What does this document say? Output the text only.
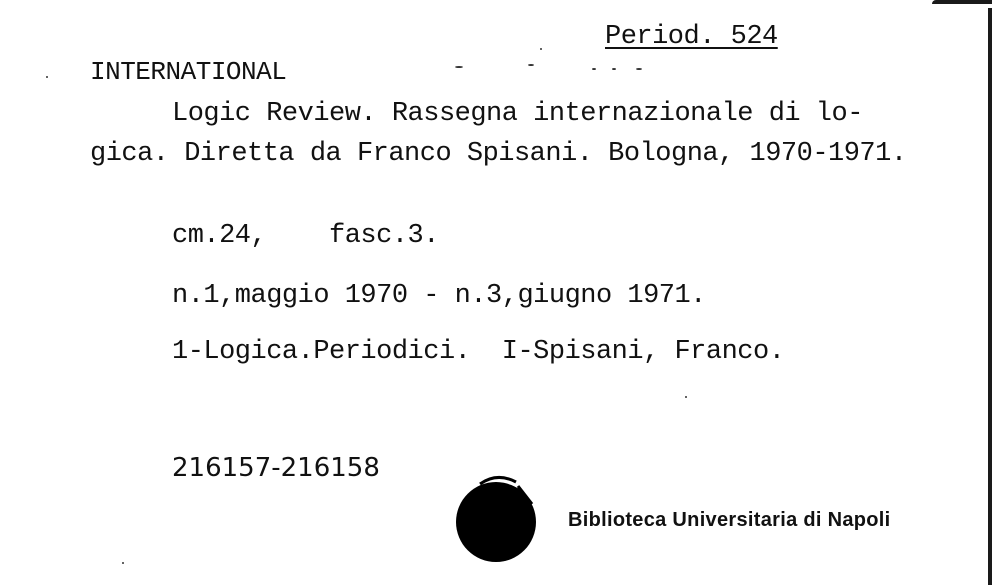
Period. 524
INTERNATIONAL
Logic Review. Rassegna internazionale di lo-
gica. Diretta da Franco Spisani. Bologna, 1970-1971.
cm.24,    fasc.3.
n.1,maggio 1970 - n.3,giugno 1971.
1-Logica.Periodici.  I-Spisani, Franco.
216157-216158
Biblioteca Universitaria di Napoli
